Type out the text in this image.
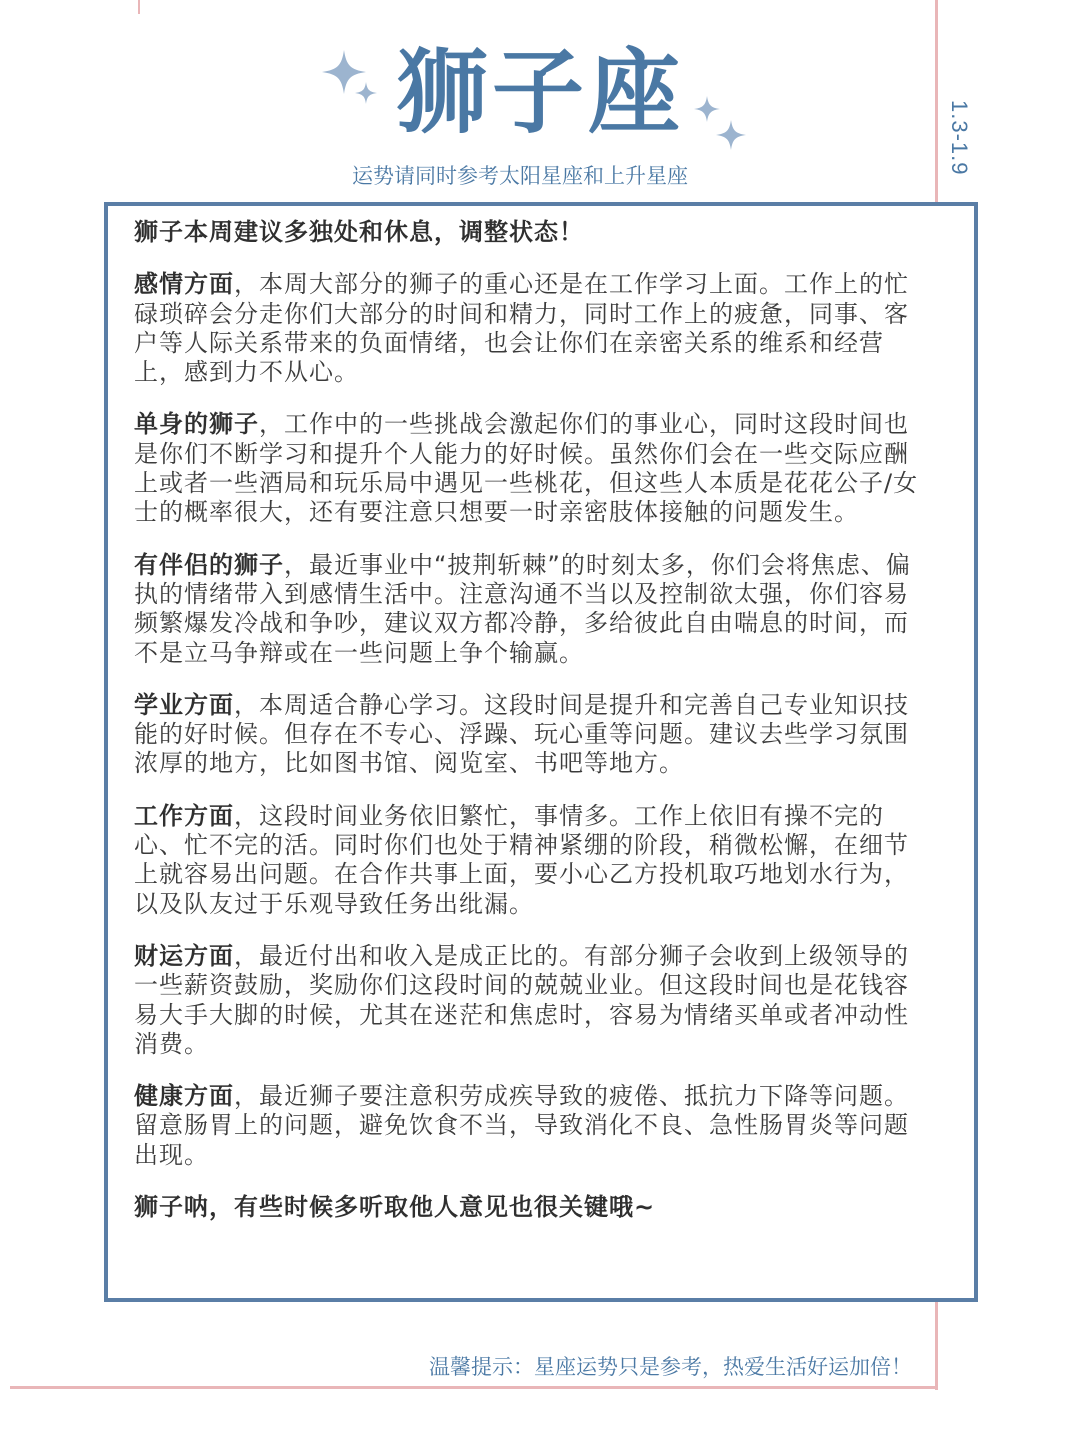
狮子座
运势请同时参考太阳星座和上升星座
1.3-1.9

狮子本周建议多独处和休息，调整状态！

感情方面，本周大部分的狮子的重心还是在工作学习上面。工作上的忙碌琐碎会分走你们大部分的时间和精力，同时工作上的疲惫，同事、客户等人际关系带来的负面情绪，也会让你们在亲密关系的维系和经营上，感到力不从心。

单身的狮子，工作中的一些挑战会激起你们的事业心，同时这段时间也是你们不断学习和提升个人能力的好时候。虽然你们会在一些交际应酬上或者一些酒局和玩乐局中遇见一些桃花，但这些人本质是花花公子/女士的概率很大，还有要注意只想要一时亲密肢体接触的问题发生。

有伴侣的狮子，最近事业中“披荆斩棘”的时刻太多，你们会将焦虑、偏执的情绪带入到感情生活中。注意沟通不当以及控制欲太强，你们容易频繁爆发冷战和争吵，建议双方都冷静，多给彼此自由喘息的时间，而不是立马争辩或在一些问题上争个输赢。

学业方面，本周适合静心学习。这段时间是提升和完善自己专业知识技能的好时候。但存在不专心、浮躁、玩心重等问题。建议去些学习氛围浓厚的地方，比如图书馆、阅览室、书吧等地方。

工作方面，这段时间业务依旧繁忙，事情多。工作上依旧有操不完的心、忙不完的活。同时你们也处于精神紧绷的阶段，稍微松懈，在细节上就容易出问题。在合作共事上面，要小心乙方投机取巧地划水行为，以及队友过于乐观导致任务出纰漏。

财运方面，最近付出和收入是成正比的。有部分狮子会收到上级领导的一些薪资鼓励，奖励你们这段时间的兢兢业业。但这段时间也是花钱容易大手大脚的时候，尤其在迷茫和焦虑时，容易为情绪买单或者冲动性消费。

健康方面，最近狮子要注意积劳成疾导致的疲倦、抵抗力下降等问题。留意肠胃上的问题，避免饮食不当，导致消化不良、急性肠胃炎等问题出现。

狮子呐，有些时候多听取他人意见也很关键哦~

温馨提示：星座运势只是参考，热爱生活好运加倍！
